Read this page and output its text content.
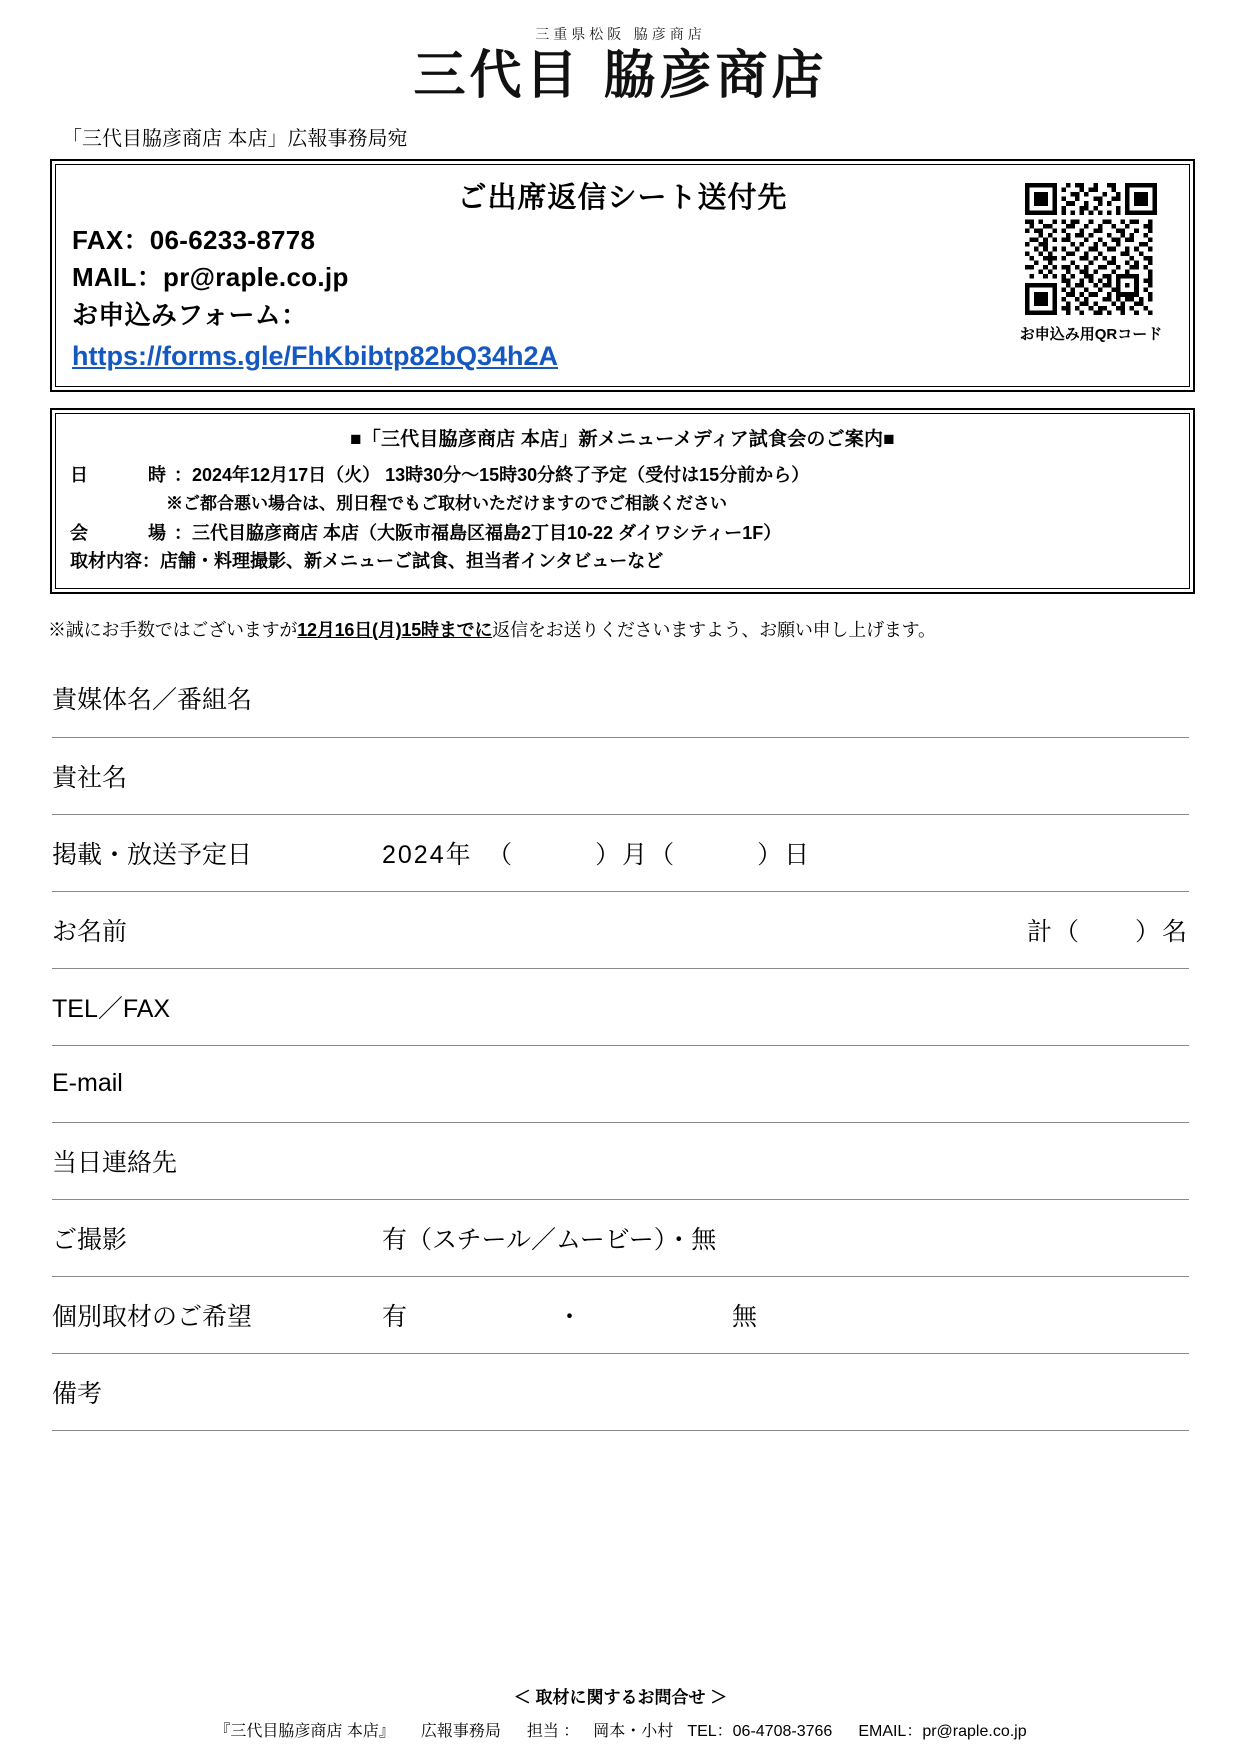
三重県松阪 脇彦商店
三代目 脇彦商店
「三代目脇彦商店 本店」広報事務局宛
ご出席返信シート送付先
FAX：06-6233-8778
MAIL：pr@raple.co.jp
お申込みフォーム：
https://forms.gle/FhKbibtp82bQ34h2A
お申込み用QRコード
■「三代目脇彦商店 本店」新メニューメディア試食会のご案内■
日　　時：2024年12月17日（火） 13時30分〜15時30分終了予定（受付は15分前から）
※ご都合悪い場合は、別日程でもご取材いただけますのでご相談ください
会　　場：三代目脇彦商店 本店（大阪市福島区福島2丁目10-22 ダイワシティー1F）
取材内容：店舗・料理撮影、新メニューご試食、担当者インタビューなど
※誠にお手数ではございますが12月16日(月)15時までに返信をお送りくださいますよう、お願い申し上げます。
貴媒体名／番組名	
貴社名	
掲載・放送予定日	2024年　（　　　）月（　　　）日
お名前	計（　　）名
TEL／FAX	
E-mail	
当日連絡先	
ご撮影	有（スチール／ムービー）・無
個別取材のご希望	有　　　　　　・　　　　　　無
備考	
＜ 取材に関するお問合せ ＞
『三代目脇彦商店 本店』 広報事務局 担当 ： 岡本・小村 TEL：06-4708-3766 EMAIL：pr@raple.co.jp
